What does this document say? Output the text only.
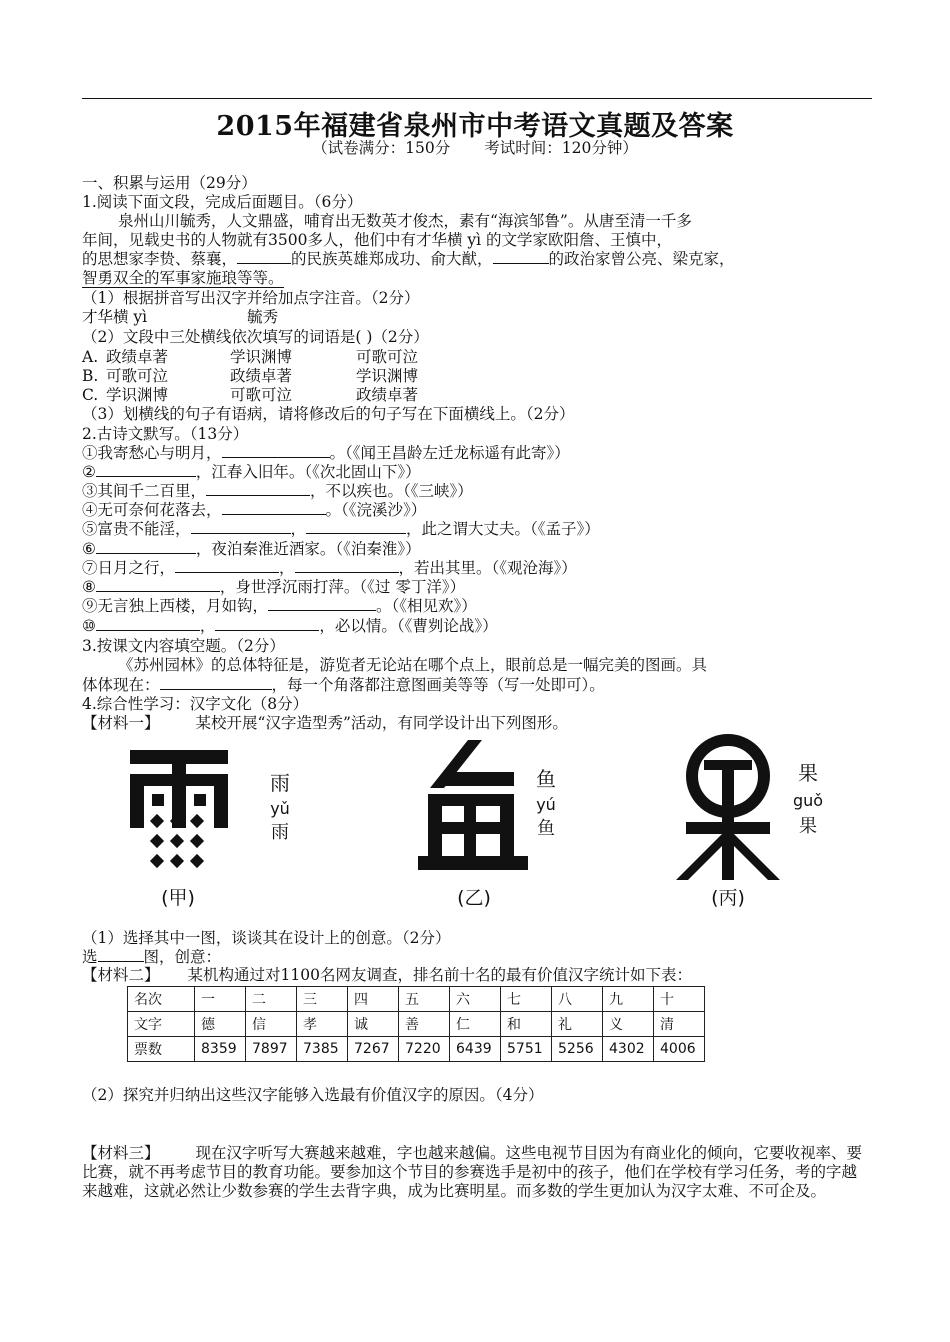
2015年福建省泉州市中考语文真题及答案
（试卷满分：150分 考试时间：120分钟）
一、积累与运用（29分）
1.阅读下面文段，完成后面题目。（6分）
泉州山川毓秀，人文鼎盛，哺育出无数英才俊杰，素有“海滨邹鲁”。从唐至清一千多
年间，见载史书的人物就有3500多人，他们中有才华横 yì 的文学家欧阳詹、王慎中，
的思想家李贽、蔡襄，	的民族英雄郑成功、俞大猷，	的政治家曾公亮、梁克家，
智勇双全的军事家施琅等等。
（1）根据拼音写出汉字并给加点字注音。（2分）
才华横 yì	毓秀
（2）文段中三处横线依次填写的词语是( )（2分）
A. 政绩卓著	学识渊博	可歌可泣
B. 可歌可泣	政绩卓著	学识渊博
C. 学识渊博	可歌可泣	政绩卓著
（3）划横线的句子有语病，请将修改后的句子写在下面横线上。（2分）
2.古诗文默写。（13分）
①我寄愁心与明月，	。（《闻王昌龄左迁龙标遥有此寄》）
②	，江春入旧年。（《次北固山下》）
③其间千二百里，	，不以疾也。（《三峡》）
④无可奈何花落去，	。（《浣溪沙》）
⑤富贵不能淫，	，	，此之谓大丈夫。（《孟子》）
⑥	，夜泊秦淮近酒家。（《泊秦淮》）
⑦日月之行，	，	，若出其里。（《观沧海》）
⑧	，身世浮沉雨打萍。（《过 零丁洋》）
⑨无言独上西楼，月如钩，	。（《相见欢》）
⑩	，	，必以情。（《曹刿论战》）
3.按课文内容填空题。（2分）
《苏州园林》的总体特征是，游览者无论站在哪个点上，眼前总是一幅完美的图画。具
体体现在：	，每一个角落都注意图画美等等（写一处即可）。
4.综合性学习：汉字文化（8分）
【材料一】 某校开展“汉字造型秀”活动，有同学设计出下列图形。
雨
yǔ
雨
鱼
yú
鱼
果
guǒ
果
(甲)	(乙)	(丙)
（1）选择其中一图，谈谈其在设计上的创意。（2分）
选	图，创意：
【材料二】 某机构通过对1100名网友调查，排名前十名的最有价值汉字统计如下表：
名次	一	二	三	四	五	六	七	八	九	十
文字	德	信	孝	诚	善	仁	和	礼	义	清
票数	8359	7897	7385	7267	7220	6439	5751	5256	4302	4006
（2）探究并归纳出这些汉字能够入选最有价值汉字的原因。（4分）
【材料三】 现在汉字听写大赛越来越难，字也越来越偏。这些电视节目因为有商业化的倾向，它要收视率、要比赛，就不再考虑节目的教育功能。要参加这个节目的参赛选手是初中的孩子，他们在学校有学习任务，考的字越来越难，这就必然让少数参赛的学生去背字典，成为比赛明星。而多数的学生更加认为汉字太难、不可企及。
